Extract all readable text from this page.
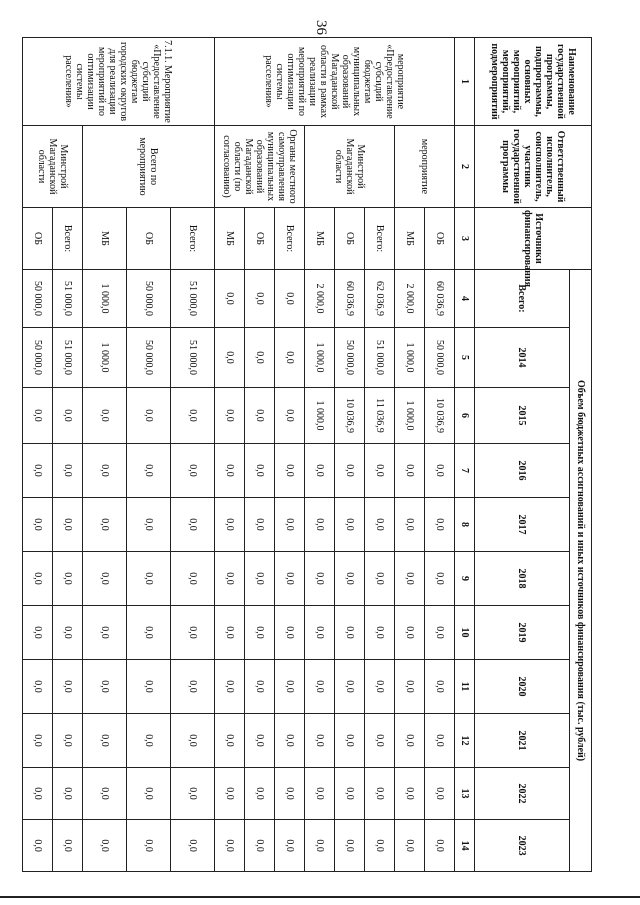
36
Наименование государственной программы, подпрограммы, основных мероприятий, мероприятий, подмероприятий	Ответственный исполнитель, соисполнитель, участник государственной программы	Источники финансирования	Объем бюджетных ассигнований и иных источников финансирования (тыс. рублей)										
			Всего:	2014	2015	2016	2017	2018	2019	2020	2021	2022	2023
1	2	3	4	5	6	7	8	9	10	11	12	13	14
мероприятие «Предоставление субсидий бюджетам муниципальных образований Магаданской области в рамках реализации мероприятий по оптимизации системы расселения»	мероприятие	ОБ	60 036,9	50 000,0	10 036,9	0,0	0,0	0,0	0,0	0,0	0,0	0,0	0,0
		МБ	2 000,0	1 000,0	1 000,0	0,0	0,0	0,0	0,0	0,0	0,0	0,0	0,0
	Минстрой Магаданской области	Всего:	62 036,9	51 000,0	11 036,9	0,0	0,0	0,0	0,0	0,0	0,0	0,0	0,0
		ОБ	60 036,9	50 000,0	10 036,9	0,0	0,0	0,0	0,0	0,0	0,0	0,0	0,0
		МБ	2 000,0	1 000,0	1 000,0	0,0	0,0	0,0	0,0	0,0	0,0	0,0	0,0
	Органы местного самоуправления муниципальных образований Магаданской области (по согласованию)	Всего:	0,0	0,0	0,0	0,0	0,0	0,0	0,0	0,0	0,0	0,0	0,0
		ОБ	0,0	0,0	0,0	0,0	0,0	0,0	0,0	0,0	0,0	0,0	0,0
		МБ	0,0	0,0	0,0	0,0	0,0	0,0	0,0	0,0	0,0	0,0	0,0
7.1.1. Мероприятие «Предоставление субсидий бюджетам городских округов для реализации мероприятий по оптимизации системы расселения»	Всего по мероприятию	Всего:	51 000,0	51 000,0	0,0	0,0	0,0	0,0	0,0	0,0	0,0	0,0	0,0
		ОБ	50 000,0	50 000,0	0,0	0,0	0,0	0,0	0,0	0,0	0,0	0,0	0,0
		МБ	1 000,0	1 000,0	0,0	0,0	0,0	0,0	0,0	0,0	0,0	0,0	0,0
	Минстрой Магаданской области	Всего:	51 000,0	51 000,0	0,0	0,0	0,0	0,0	0,0	0,0	0,0	0,0	0,0
		ОБ	50 000,0	50 000,0	0,0	0,0	0,0	0,0	0,0	0,0	0,0	0,0	0,0
